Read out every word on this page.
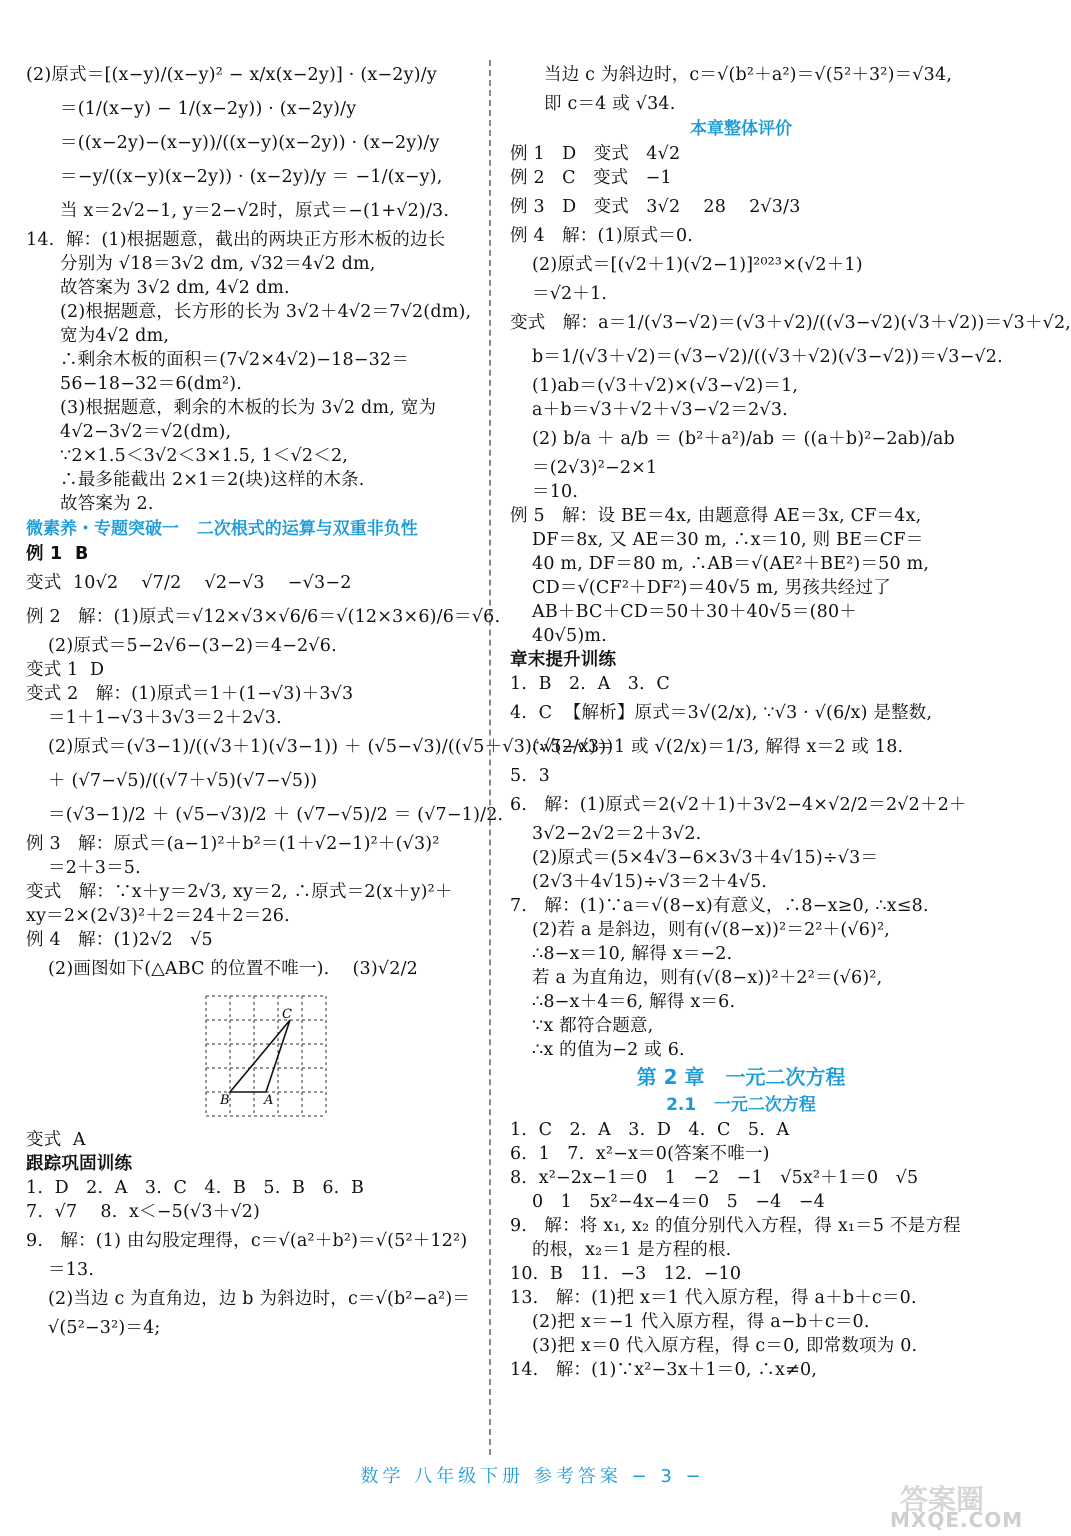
(2)原式＝[(x−y)/(x−y)² − x/x(x−2y)] · (x−2y)/y
＝(1/(x−y) − 1/(x−2y)) · (x−2y)/y
＝((x−2y)−(x−y))/((x−y)(x−2y)) · (x−2y)/y
＝−y/((x−y)(x−2y)) · (x−2y)/y ＝ −1/(x−y),
当 x＝2√2−1, y＝2−√2时，原式＝−(1+√2)/3.
14.  解：(1)根据题意，截出的两块正方形木板的边长
分别为 √18＝3√2 dm, √32＝4√2 dm,
故答案为 3√2 dm, 4√2 dm.
(2)根据题意，长方形的长为 3√2＋4√2＝7√2(dm),
宽为4√2 dm,
∴剩余木板的面积＝(7√2×4√2)−18−32＝
56−18−32＝6(dm²).
(3)根据题意，剩余的木板的长为 3√2 dm, 宽为
4√2−3√2＝√2(dm),
∵2×1.5＜3√2＜3×1.5, 1＜√2＜2,
∴最多能截出 2×1＝2(块)这样的木条.
故答案为 2.
微素养・专题突破一   二次根式的运算与双重非负性
例 1  B
变式  10√2    √7/2    √2−√3    −√3−2
例 2   解：(1)原式＝√12×√3×√6/6＝√(12×3×6)/6＝√6.
(2)原式＝5−2√6−(3−2)＝4−2√6.
变式 1  D
变式 2   解：(1)原式＝1＋(1−√3)＋3√3
＝1＋1−√3＋3√3＝2＋2√3.
(2)原式＝(√3−1)/((√3＋1)(√3−1)) ＋ (√5−√3)/((√5＋√3)(√5−√3))
＋ (√7−√5)/((√7＋√5)(√7−√5))
＝(√3−1)/2 ＋ (√5−√3)/2 ＋ (√7−√5)/2 ＝ (√7−1)/2.
例 3   解：原式＝(a−1)²＋b²＝(1＋√2−1)²＋(√3)²
＝2＋3＝5.
变式   解：∵x＋y＝2√3, xy＝2, ∴原式＝2(x＋y)²＋
xy＝2×(2√3)²＋2＝24＋2＝26.
例 4   解：(1)2√2   √5
(2)画图如下(△ABC 的位置不唯一).    (3)√2/2
C
B	A
变式  A
跟踪巩固训练
1.  D   2.  A   3.  C   4.  B   5.  B   6.  B
7.  √7    8.  x＜−5(√3＋√2)
9.   解：(1) 由勾股定理得，c＝√(a²＋b²)＝√(5²＋12²)
＝13.
(2)当边 c 为直角边，边 b 为斜边时，c＝√(b²−a²)＝
√(5²−3²)＝4;
当边 c 为斜边时，c＝√(b²＋a²)＝√(5²＋3²)＝√34,
即 c＝4 或 √34.
本章整体评价
例 1   D   变式   4√2
例 2   C   变式   −1
例 3   D   变式   3√2    28    2√3/3
例 4   解：(1)原式＝0.
(2)原式＝[(√2＋1)(√2−1)]²⁰²³×(√2＋1)
＝√2＋1.
变式   解：a＝1/(√3−√2)＝(√3＋√2)/((√3−√2)(√3＋√2))＝√3＋√2,
b＝1/(√3＋√2)＝(√3−√2)/((√3＋√2)(√3−√2))＝√3−√2.
(1)ab＝(√3＋√2)×(√3−√2)＝1,
a＋b＝√3＋√2＋√3−√2＝2√3.
(2) b/a ＋ a/b ＝ (b²＋a²)/ab ＝ ((a＋b)²−2ab)/ab
＝(2√3)²−2×1
＝10.
例 5   解：设 BE＝4x, 由题意得 AE＝3x, CF＝4x,
DF＝8x, 又 AE＝30 m, ∴x＝10, 则 BE＝CF＝
40 m, DF＝80 m, ∴AB＝√(AE²＋BE²)＝50 m,
CD＝√(CF²＋DF²)＝40√5 m, 男孩共经过了
AB＋BC＋CD＝50＋30＋40√5＝(80＋
40√5)m.
章末提升训练
1.  B   2.  A   3.  C
4.  C  【解析】原式＝3√(2/x), ∵√3 · √(6/x) 是整数,
∴√(2/x)＝1 或 √(2/x)＝1/3, 解得 x＝2 或 18.
5.  3
6.   解：(1)原式＝2(√2＋1)＋3√2−4×√2/2＝2√2＋2＋
3√2−2√2＝2＋3√2.
(2)原式＝(5×4√3−6×3√3＋4√15)÷√3＝
(2√3＋4√15)÷√3＝2＋4√5.
7.   解：(1)∵a＝√(8−x)有意义，∴8−x≥0, ∴x≤8.
(2)若 a 是斜边，则有(√(8−x))²＝2²＋(√6)²,
∴8−x＝10, 解得 x＝−2.
若 a 为直角边，则有(√(8−x))²＋2²＝(√6)²,
∴8−x＋4＝6, 解得 x＝6.
∵x 都符合题意,
∴x 的值为−2 或 6.
第 2 章   一元二次方程
2.1   一元二次方程
1.  C   2.  A   3.  D   4.  C   5.  A
6.  1   7.  x²−x＝0(答案不唯一)
8.  x²−2x−1＝0   1   −2   −1   √5x²＋1＝0   √5
0   1   5x²−4x−4＝0   5   −4   −4
9.   解：将 x₁, x₂ 的值分别代入方程，得 x₁＝5 不是方程
的根，x₂＝1 是方程的根.
10.  B   11.  −3   12.  −10
13.   解：(1)把 x＝1 代入原方程，得 a＋b＋c＝0.
(2)把 x＝−1 代入原方程，得 a−b＋c＝0.
(3)把 x＝0 代入原方程，得 c＝0, 即常数项为 0.
14.   解：(1)∵x²−3x＋1＝0, ∴x≠0,
数学 八年级下册 参考答案 − 3 −
答案圈
MXQE.COM
